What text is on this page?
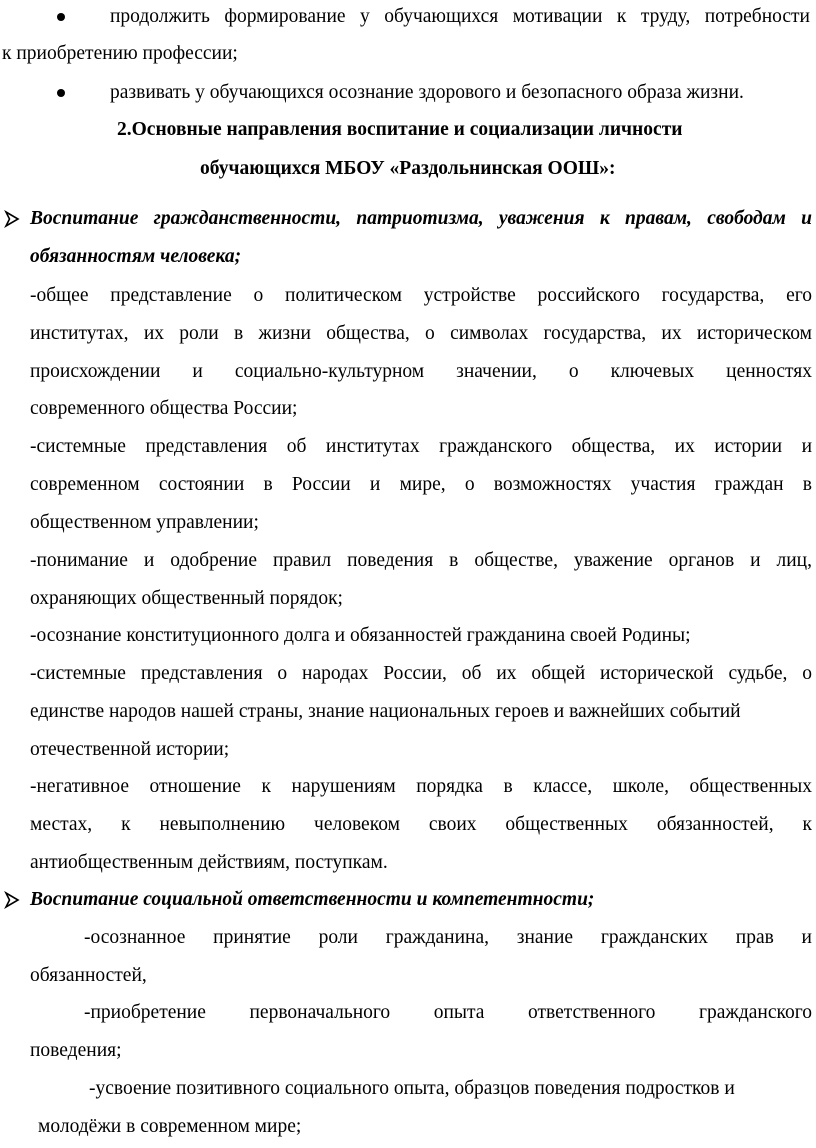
продолжить формирование у обучающихся мотивации к труду, потребности
к приобретению профессии;
развивать у обучающихся осознание здорового и безопасного образа жизни.
2.Основные направления воспитание и социализации личности
обучающихся МБОУ «Раздольнинская ООШ»:
Воспитание гражданственности, патриотизма, уважения к правам, свободам и
обязанностям человека;
-общее представление о политическом устройстве российского государства, его
институтах, их роли в жизни общества, о символах государства, их историческом
происхождении и социально-культурном значении, о ключевых ценностях
современного общества России;
-системные представления об институтах гражданского общества, их истории и
современном состоянии в России и мире, о возможностях участия граждан в
общественном управлении;
-понимание и одобрение правил поведения в обществе, уважение органов и лиц,
охраняющих общественный порядок;
-осознание конституционного долга и обязанностей гражданина своей Родины;
-системные представления о народах России, об их общей исторической судьбе, о
единстве народов нашей страны, знание национальных героев и важнейших событий
отечественной истории;
-негативное отношение к нарушениям порядка в классе, школе, общественных
местах, к невыполнению человеком своих общественных обязанностей, к
антиобщественным действиям, поступкам.
Воспитание социальной ответственности и компетентности;
-осознанное принятие роли гражданина, знание гражданских прав и
обязанностей,
-приобретение первоначального опыта ответственного гражданского
поведения;
-усвоение позитивного социального опыта, образцов поведения подростков и
молодёжи в современном мире;
